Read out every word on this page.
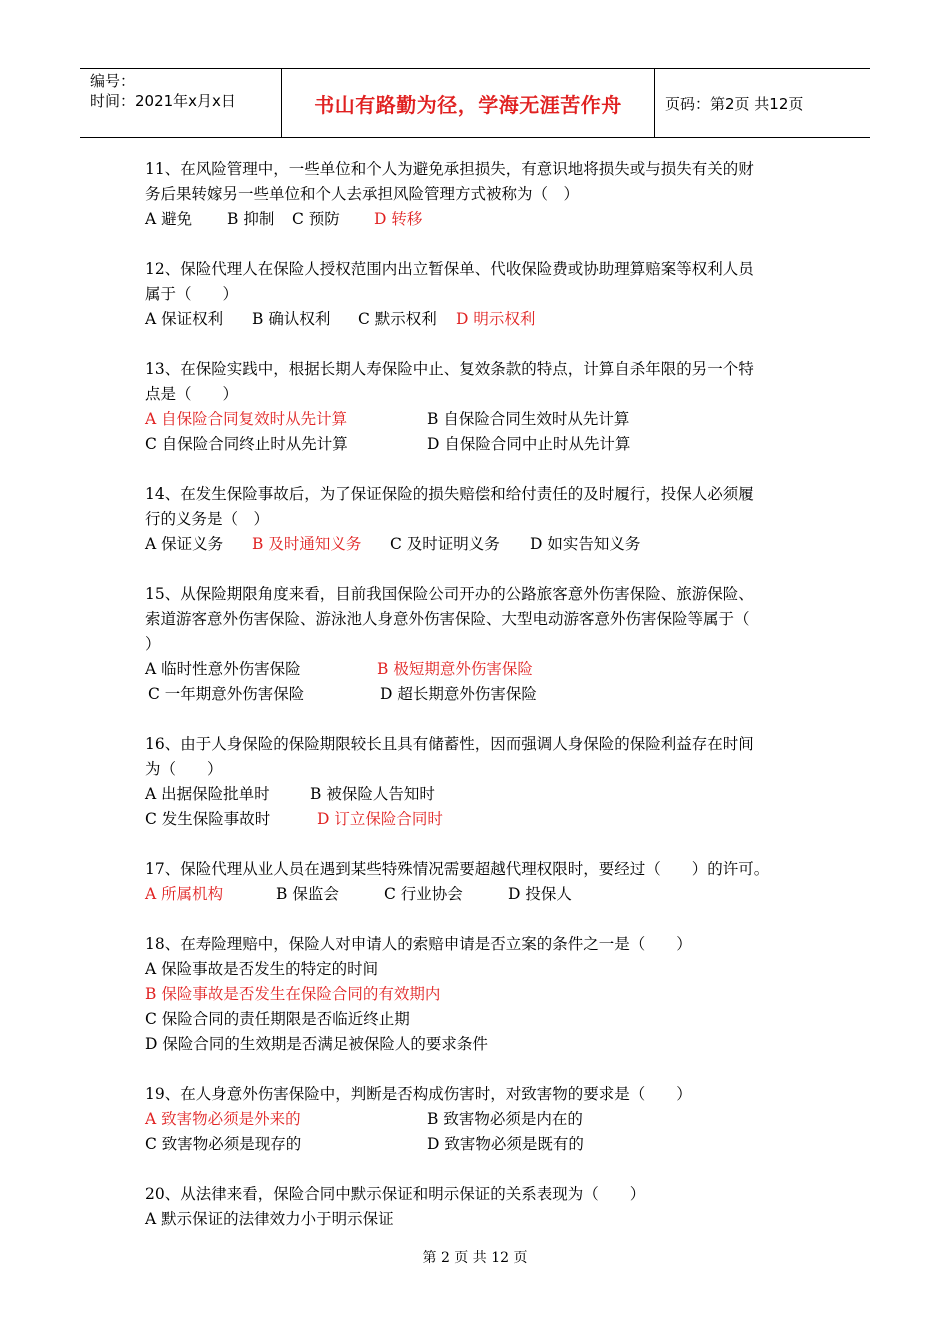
编号：
时间：2021年x月x日	书山有路勤为径，学海无涯苦作舟	页码：第2页 共12页
11、在风险管理中，一些单位和个人为避免承担损失，有意识地将损失或与损失有关的财
务后果转嫁另一些单位和个人去承担风险管理方式被称为（　）
A 避免 B 抑制 C 预防 D 转移
12、保险代理人在保险人授权范围内出立暂保单、代收保险费或协助理算赔案等权利人员
属于（　　）
A 保证权利 B 确认权利 C 默示权利 D 明示权利
13、在保险实践中，根据长期人寿保险中止、复效条款的特点，计算自杀年限的另一个特
点是（　　）
A 自保险合同复效时从先计算	B 自保险合同生效时从先计算
C 自保险合同终止时从先计算	D 自保险合同中止时从先计算
14、在发生保险事故后，为了保证保险的损失赔偿和给付责任的及时履行，投保人必须履
行的义务是（　）
A 保证义务 B 及时通知义务 C 及时证明义务 D 如实告知义务
15、从保险期限角度来看，目前我国保险公司开办的公路旅客意外伤害保险、旅游保险、
索道游客意外伤害保险、游泳池人身意外伤害保险、大型电动游客意外伤害保险等属于（
）
A 临时性意外伤害保险	B 极短期意外伤害保险
C 一年期意外伤害保险	D 超长期意外伤害保险
16、由于人身保险的保险期限较长且具有储蓄性，因而强调人身保险的保险利益存在时间
为（　　）
A 出据保险批单时	B 被保险人告知时
C 发生保险事故时	D 订立保险合同时
17、保险代理从业人员在遇到某些特殊情况需要超越代理权限时，要经过（　　）的许可。
A 所属机构	B 保监会	C 行业协会	D 投保人
18、在寿险理赔中，保险人对申请人的索赔申请是否立案的条件之一是（　　）
A 保险事故是否发生的特定的时间
B 保险事故是否发生在保险合同的有效期内
C 保险合同的责任期限是否临近终止期
D 保险合同的生效期是否满足被保险人的要求条件
19、在人身意外伤害保险中，判断是否构成伤害时，对致害物的要求是（　　）
A 致害物必须是外来的	B 致害物必须是内在的
C 致害物必须是现存的	D 致害物必须是既有的
20、从法律来看，保险合同中默示保证和明示保证的关系表现为（　　）
A 默示保证的法律效力小于明示保证
第 2 页 共 12 页
